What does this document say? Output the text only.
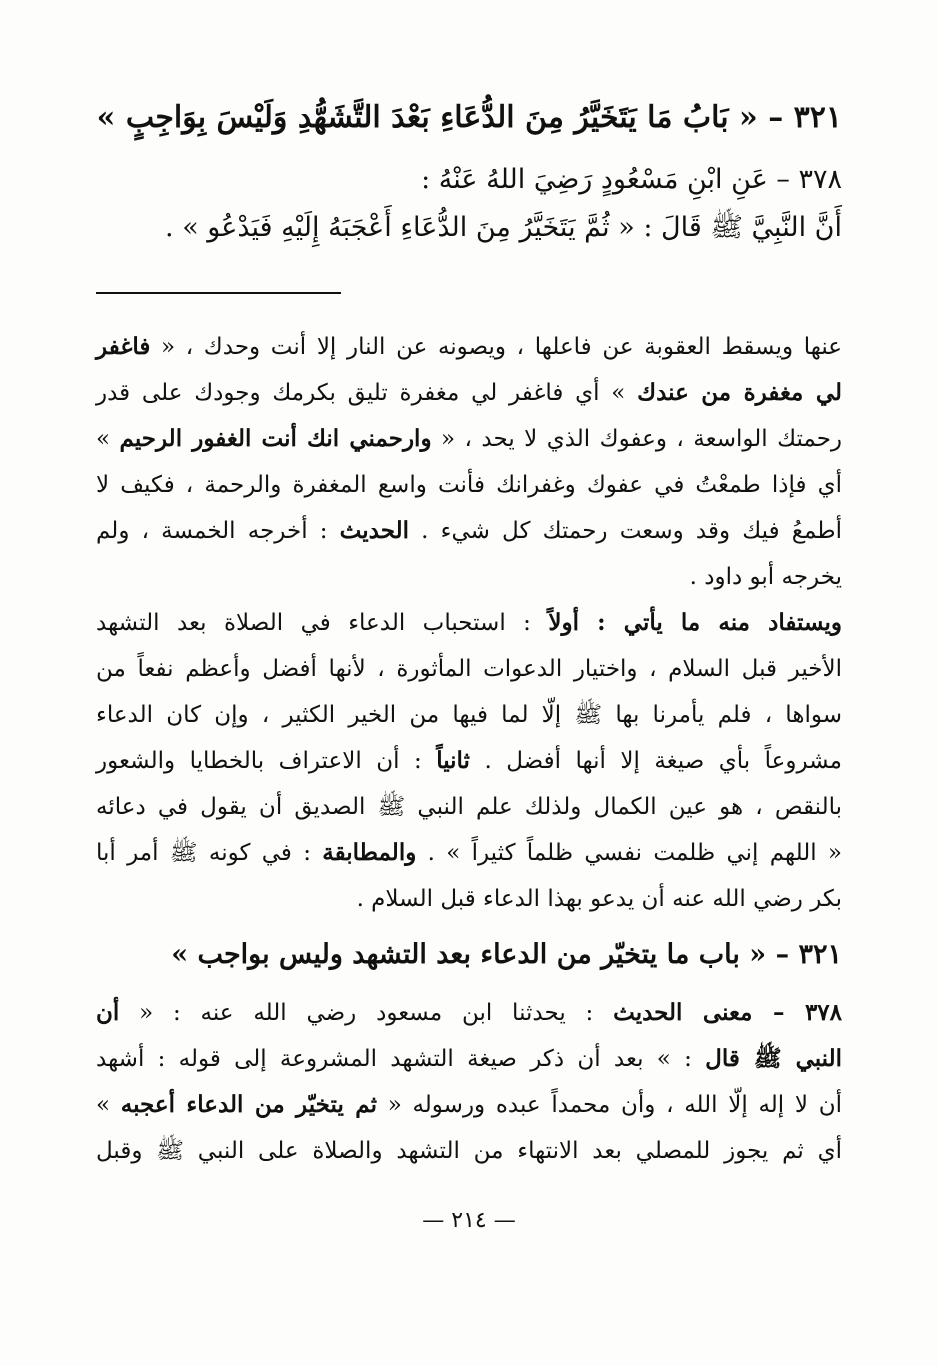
٣٢١ – « بَابُ مَا يَتَخَيَّرُ مِنَ الدُّعَاءِ بَعْدَ التَّشَهُّدِ وَلَيْسَ بِوَاجِبٍ »

٣٧٨ – عَنِ ابْنِ مَسْعُودٍ رَضِيَ اللهُ عَنْهُ :

أَنَّ النَّبِيَّ ﷺ قَالَ : « ثُمَّ يَتَخَيَّرُ مِنَ الدُّعَاءِ أَعْجَبَهُ إِلَيْهِ فَيَدْعُو » .

عنها ويسقط العقوبة عن فاعلها ، ويصونه عن النار إلا أنت وحدك ، « فاغفر

لي مغفرة من عندك » أي فاغفر لي مغفرة تليق بكرمك وجودك على قدر

رحمتك الواسعة ، وعفوك الذي لا يحد ، « وارحمني انك أنت الغفور الرحيم »

أي فإذا طمعْتُ في عفوك وغفرانك فأنت واسع المغفرة والرحمة ، فكيف لا

أطمعُ فيك وقد وسعت رحمتك كل شيء . الحديث : أخرجه الخمسة ، ولم

يخرجه أبو داود .

ويستفاد منه ما يأتي : أولاً : استحباب الدعاء في الصلاة بعد التشهد

الأخير قبل السلام ، واختيار الدعوات المأثورة ، لأنها أفضل وأعظم نفعاً من

سواها ، فلم يأمرنا بها ﷺ إلّا لما فيها من الخير الكثير ، وإن كان الدعاء

مشروعاً بأي صيغة إلا أنها أفضل . ثانياً : أن الاعتراف بالخطايا والشعور

بالنقص ، هو عين الكمال ولذلك علم النبي ﷺ الصديق أن يقول في دعائه

« اللهم إني ظلمت نفسي ظلماً كثيراً » . والمطابقة : في كونه ﷺ أمر أبا

بكر رضي الله عنه أن يدعو بهذا الدعاء قبل السلام .

٣٢١ – « باب ما يتخيّر من الدعاء بعد التشهد وليس بواجب »

٣٧٨ – معنى الحديث : يحدثنا ابن مسعود رضي الله عنه : « أن

النبي ﷺ قال : » بعد أن ذكر صيغة التشهد المشروعة إلى قوله : أشهد

أن لا إله إلّا الله ، وأن محمداً عبده ورسوله « ثم يتخيّر من الدعاء أعجبه »

أي ثم يجوز للمصلي بعد الانتهاء من التشهد والصلاة على النبي ﷺ وقبل

— ٢١٤ —
